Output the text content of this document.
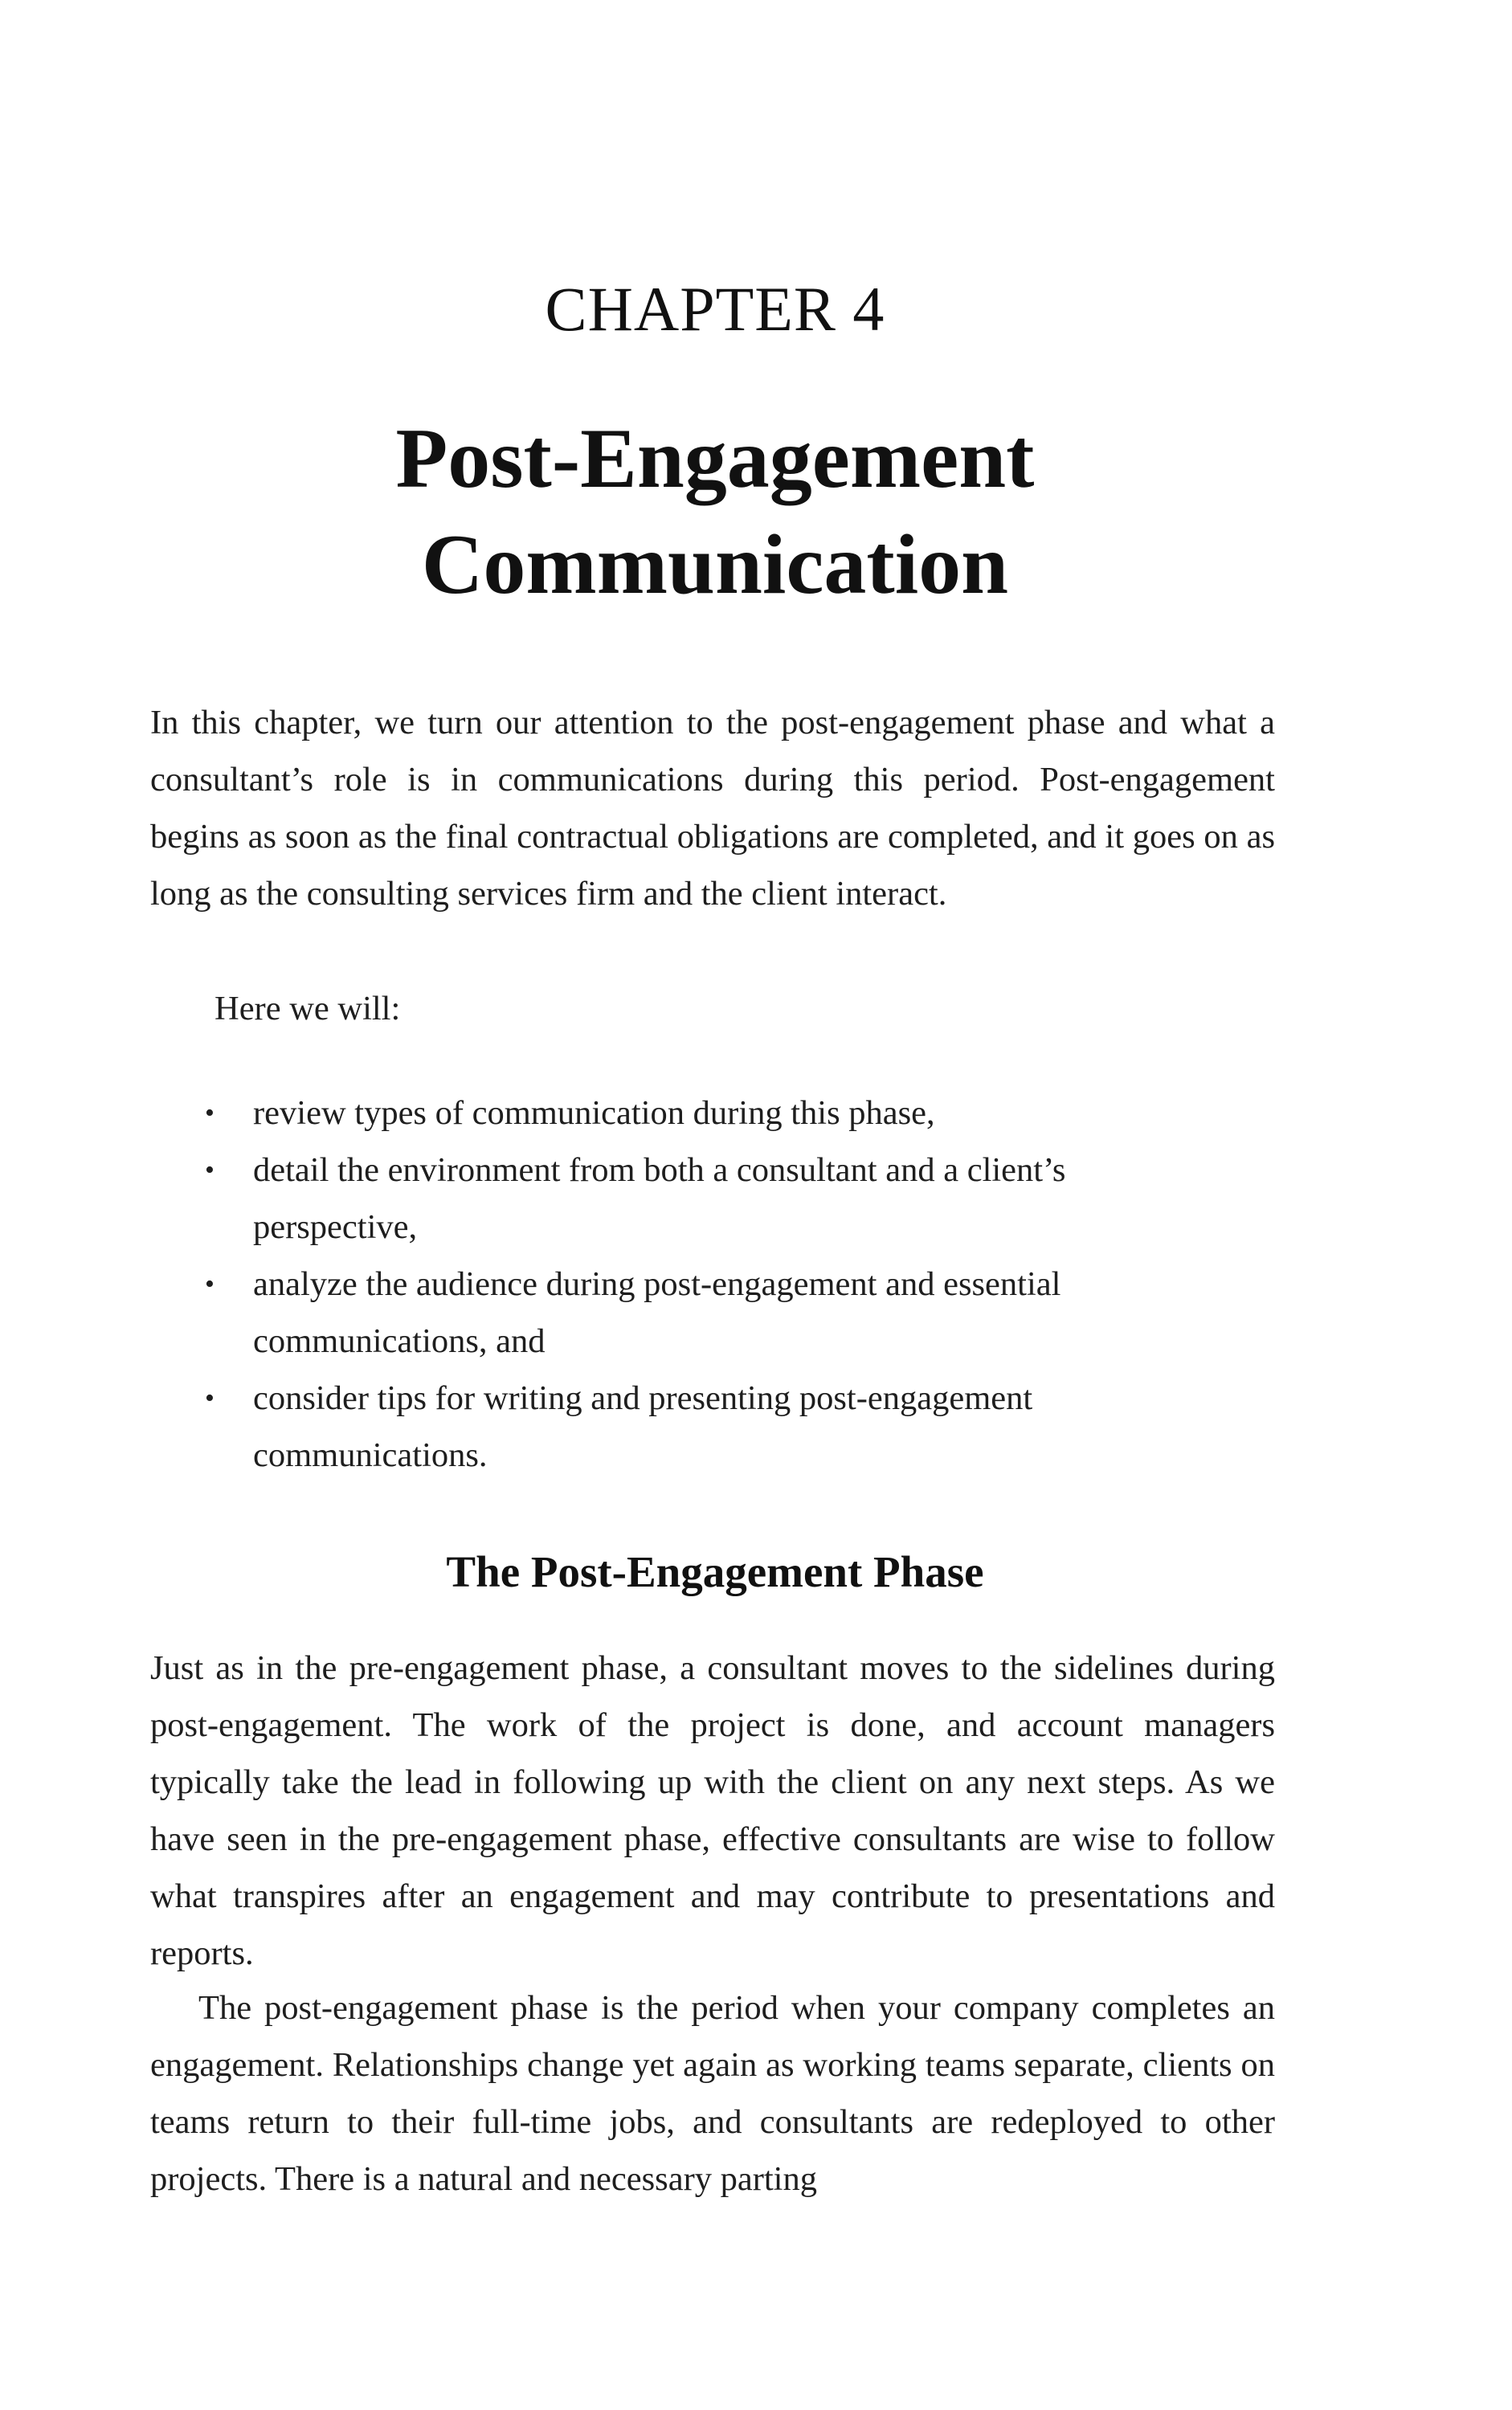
CHAPTER 4
Post-Engagement
Communication

In this chapter, we turn our attention to the post-engagement phase and what a consultant’s role is in communications during this period. Post-engagement begins as soon as the final contractual obligations are completed, and it goes on as long as the consulting services firm and the client interact.

Here we will:

• review types of communication during this phase,
• detail the environment from both a consultant and a client’s perspective,
• analyze the audience during post-engagement and essential communications, and
• consider tips for writing and presenting post-engagement communications.
The Post-Engagement Phase

Just as in the pre-engagement phase, a consultant moves to the sidelines during post-engagement. The work of the project is done, and account managers typically take the lead in following up with the client on any next steps. As we have seen in the pre-engagement phase, effective consultants are wise to follow what transpires after an engagement and may contribute to presentations and reports.

The post-engagement phase is the period when your company completes an engagement. Relationships change yet again as working teams separate, clients on teams return to their full-time jobs, and consultants are redeployed to other projects. There is a natural and necessary parting
